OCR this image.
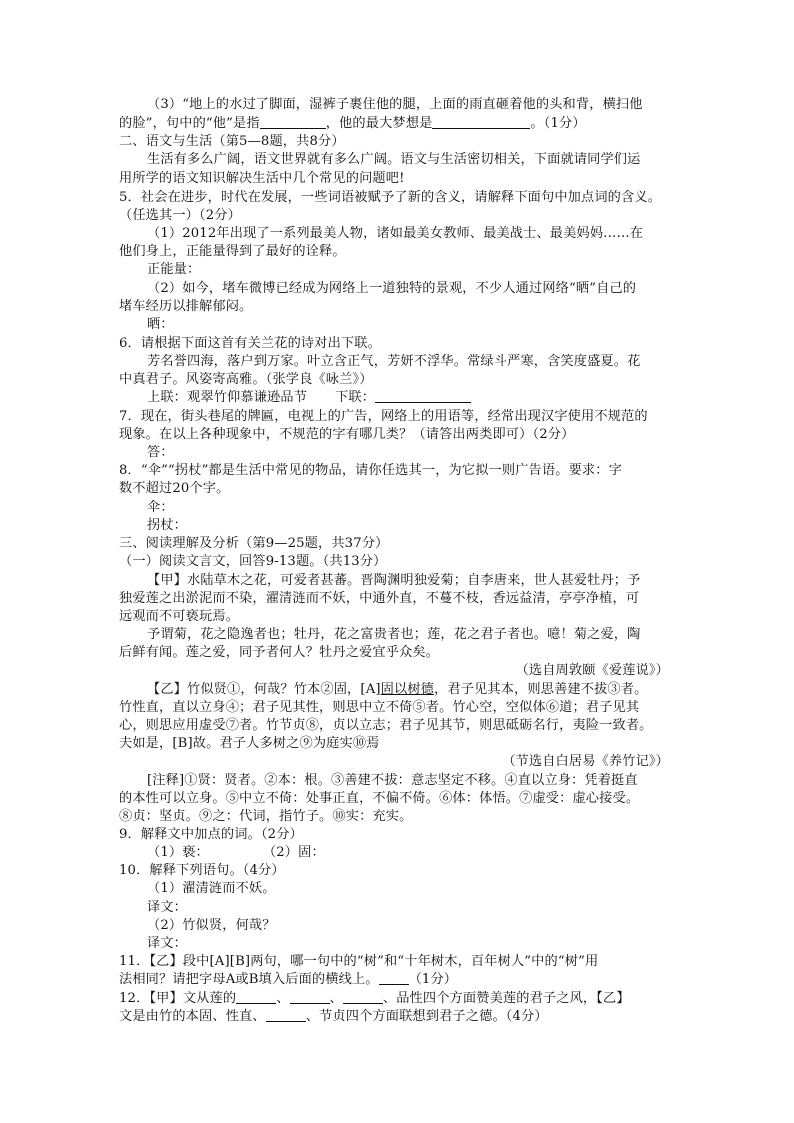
（3）“地上的水过了脚面，湿裤子裹住他的腿，上面的雨直砸着他的头和背，横扫他
的脸”，句中的“他”是指	，他的最大梦想是	。（1分）
二、语文与生活（第5—8题，共8分）
生活有多么广阔，语文世界就有多么广阔。语文与生活密切相关，下面就请同学们运
用所学的语文知识解决生活中几个常见的问题吧!
5．社会在进步，时代在发展，一些词语被赋予了新的含义，请解释下面句中加点词的含义。
（任选其一）（2分）
（1）2012年出现了一系列最美人物，诸如最美女教师、最美战士、最美妈妈……在
他们身上，正能量得到了最好的诠释。
正能量：
（2）如今，堵车微博已经成为网络上一道独特的景观，不少人通过网络“晒”自己的
堵车经历以排解郁闷。
晒：
6．请根据下面这首有关兰花的诗对出下联。
芳名誉四海，落户到万家。叶立含正气，芳妍不浮华。常绿斗严寒，含笑度盛夏。花
中真君子。风姿寄高雅。（张学良《咏兰》）
上联：观翠竹仰慕谦逊品节 下联：
7．现在，街头巷尾的牌匾，电视上的广告，网络上的用语等，经常出现汉字使用不规范的
现象。在以上各种现象中，不规范的字有哪几类？（请答出两类即可）（2分）
答：
8．“伞”“拐杖”都是生活中常见的物品，请你任选其一，为它拟一则广告语。要求：字
数不超过20个字。
伞：
拐杖：
三、阅读理解及分析（第9—25题，共37分）
（一）阅读文言文，回答9-13题。（共13分）
【甲】水陆草木之花，可爱者甚蕃。晋陶渊明独爱菊；自李唐来，世人甚爱牡丹；予
独爱莲之出淤泥而不染，濯清涟而不妖，中通外直，不蔓不枝，香远益清，亭亭净植，可
远观而不可亵玩焉。
予谓菊，花之隐逸者也；牡丹，花之富贵者也；莲，花之君子者也。噫！菊之爱，陶
后鲜有闻。莲之爱，同予者何人？牡丹之爱宜乎众矣。
（选自周敦颐《爱莲说》）
【乙】竹似贤①，何哉？竹本②固，[A]固以树德，君子见其本，则思善建不拔③者。
竹性直，直以立身④；君子见其性，则思中立不倚⑤者。竹心空，空似体⑥道；君子见其
心，则思应用虚受⑦者。竹节贞⑧，贞以立志；君子见其节，则思砥砺名行，夷险一致者。
夫如是，[B]故。君子人多树之⑨为庭实⑩焉
（节选自白居易《养竹记》）
[注释]①贤：贤者。②本：根。③善建不拔：意志坚定不移。④直以立身：凭着挺直
的本性可以立身。⑤中立不倚：处事正直，不偏不倚。⑥体：体悟。⑦虚受：虚心接受。
⑧贞：坚贞。⑨之：代词，指竹子。⑩实：充实。
9．解释文中加点的词。（2分）
（1）亵：	（2）固：
10．解释下列语句。（4分）
（1）濯清涟而不妖。
译文：
（2）竹似贤，何哉？
译文：
11．【乙】段中[A][B]两句，哪一句中的“树”和“十年树木，百年树人”中的“树”用
法相同？请把字母A或B填入后面的横线上。 （1分）
12．【甲】文从莲的	、	、	、品性四个方面赞美莲的君子之风，【乙】
文是由竹的本固、性直、	、节贞四个方面联想到君子之德。（4分）
